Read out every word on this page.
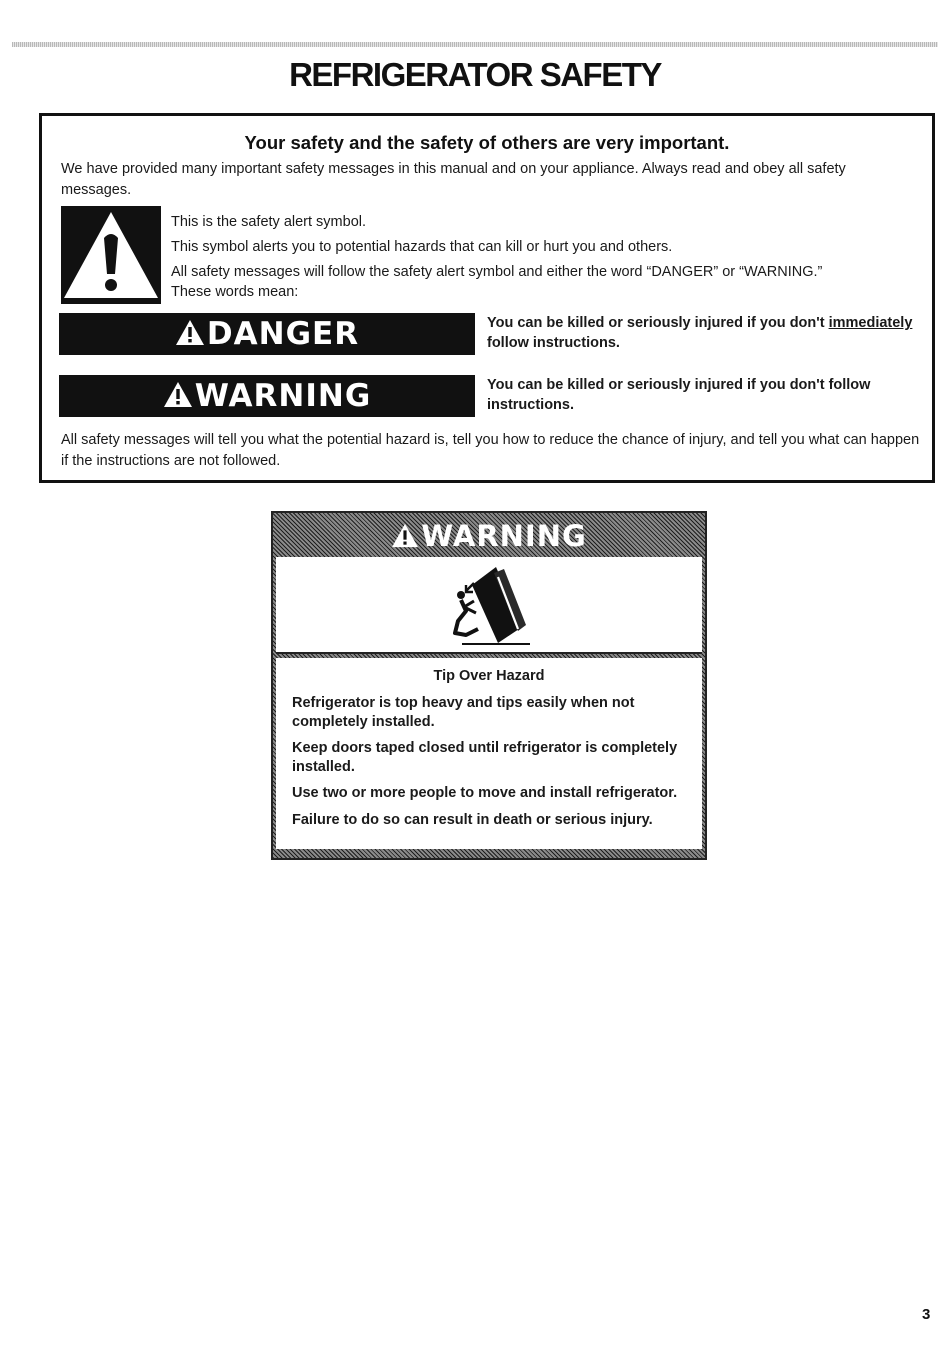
REFRIGERATOR SAFETY
Your safety and the safety of others are very important.
We have provided many important safety messages in this manual and on your appliance. Always read and obey all safety messages.
This is the safety alert symbol.
This symbol alerts you to potential hazards that can kill or hurt you and others.
All safety messages will follow the safety alert symbol and either the word “DANGER” or “WARNING.”
These words mean:
DANGER	You can be killed or seriously injured if you don't immediately follow instructions.
WARNING	You can be killed or seriously injured if you don't follow instructions.
All safety messages will tell you what the potential hazard is, tell you how to reduce the chance of injury, and tell you what can happen if the instructions are not followed.
WARNING
Tip Over Hazard

Refrigerator is top heavy and tips easily when not completely installed.

Keep doors taped closed until refrigerator is completely installed.

Use two or more people to move and install refrigerator.

Failure to do so can result in death or serious injury.

3
